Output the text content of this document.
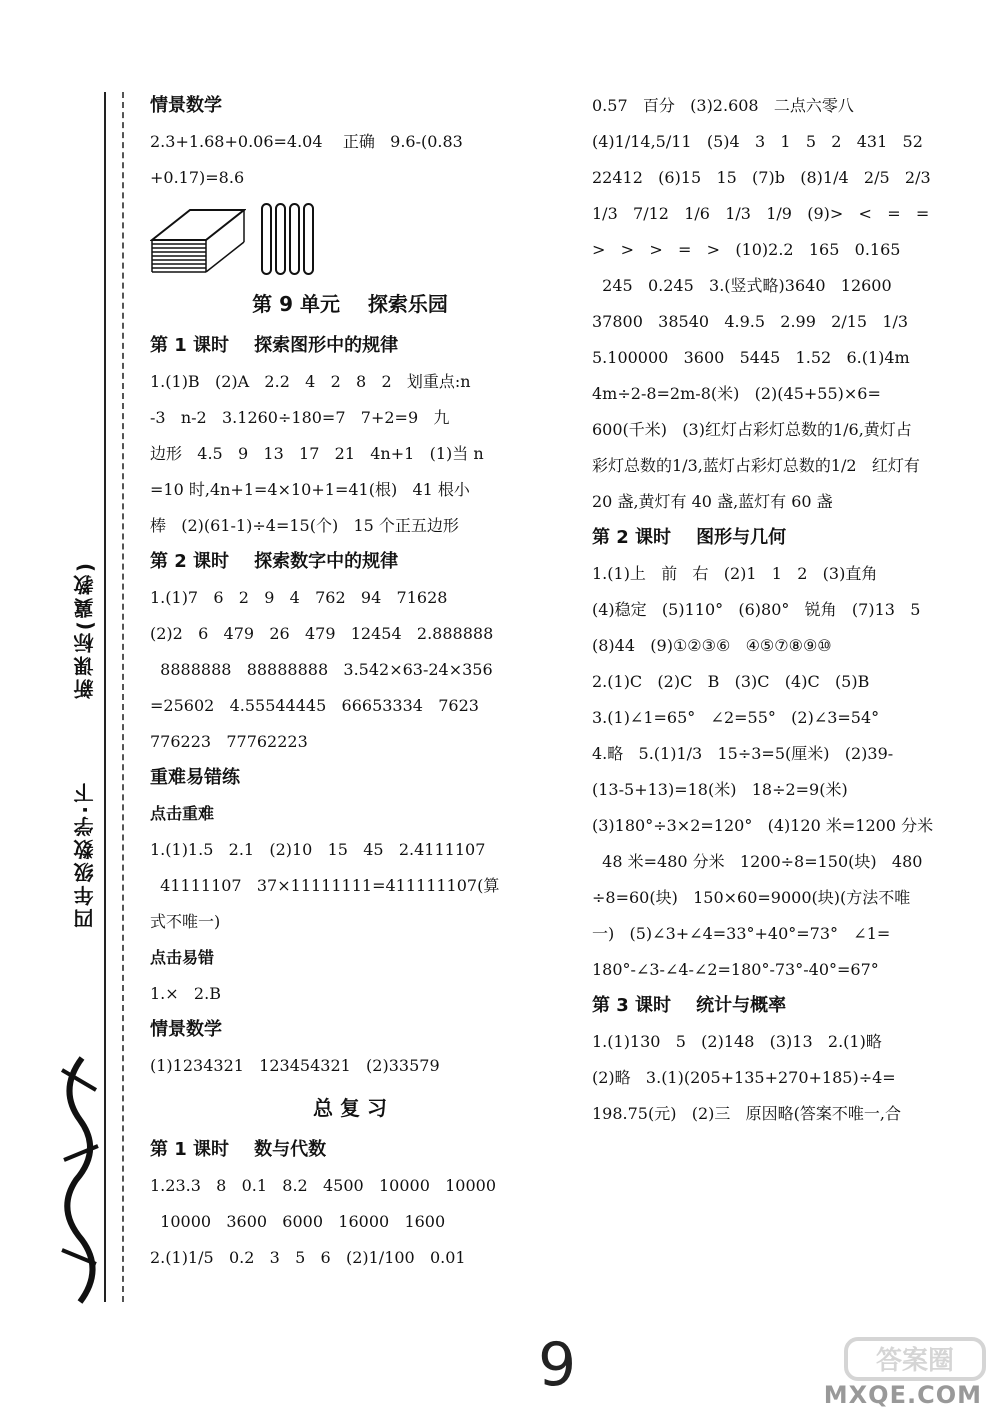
新课标(冀教)
四年级数学·下

情景数学

2.3+1.68+0.06=4.04    正确   9.6-(0.83

+0.17)=8.6

第 9 单元    探索乐园

第 1 课时    探索图形中的规律

1.(1)B   (2)A   2.2   4   2   8   2   划重点:n

-3   n-2   3.1260÷180=7   7+2=9   九

边形   4.5   9   13   17   21   4n+1   (1)当 n

=10 时,4n+1=4×10+1=41(根)   41 根小

棒   (2)(61-1)÷4=15(个)   15 个正五边形

第 2 课时    探索数字中的规律

1.(1)7   6   2   9   4   762   94   71628

(2)2   6   479   26   479   12454   2.888888

8888888   88888888   3.542×63-24×356

=25602   4.55544445   66653334   7623

776223   77762223

重难易错练

点击重难

1.(1)1.5   2.1   (2)10   15   45   2.4111107

41111107   37×11111111=411111107(算

式不唯一)

点击易错

1.×   2.B

情景数学

(1)1234321   123454321   (2)33579

总 复 习

第 1 课时    数与代数

1.23.3   8   0.1   8.2   4500   10000   10000

10000   3600   6000   16000   1600

2.(1)1/5   0.2   3   5   6   (2)1/100   0.01

0.57   百分   (3)2.608   二点六零八

(4)1/14,5/11   (5)4   3   1   5   2   431   52

22412   (6)15   15   (7)b   (8)1/4   2/5   2/3

1/3   7/12   1/6   1/3   1/9   (9)>   <   =   =

>   >   >   =   >   (10)2.2   165   0.165

245   0.245   3.(竖式略)3640   12600

37800   38540   4.9.5   2.99   2/15   1/3

5.100000   3600   5445   1.52   6.(1)4m

4m÷2-8=2m-8(米)   (2)(45+55)×6=

600(千米)   (3)红灯占彩灯总数的1/6,黄灯占

彩灯总数的1/3,蓝灯占彩灯总数的1/2   红灯有

20 盏,黄灯有 40 盏,蓝灯有 60 盏

第 2 课时    图形与几何

1.(1)上   前   右   (2)1   1   2   (3)直角

(4)稳定   (5)110°   (6)80°   锐角   (7)13   5

(8)44   (9)①②③⑥   ④⑤⑦⑧⑨⑩

2.(1)C   (2)C   B   (3)C   (4)C   (5)B

3.(1)∠1=65°   ∠2=55°   (2)∠3=54°

4.略   5.(1)1/3   15÷3=5(厘米)   (2)39-

(13-5+13)=18(米)   18÷2=9(米)

(3)180°÷3×2=120°   (4)120 米=1200 分米

48 米=480 分米   1200÷8=150(块)   480

÷8=60(块)   150×60=9000(块)(方法不唯

一)   (5)∠3+∠4=33°+40°=73°   ∠1=

180°-∠3-∠4-∠2=180°-73°-40°=67°

第 3 课时    统计与概率

1.(1)130   5   (2)148   (3)13   2.(1)略

(2)略   3.(1)(205+135+270+185)÷4=

198.75(元)   (2)三   原因略(答案不唯一,合

9	答案圈
MXQE.COM
